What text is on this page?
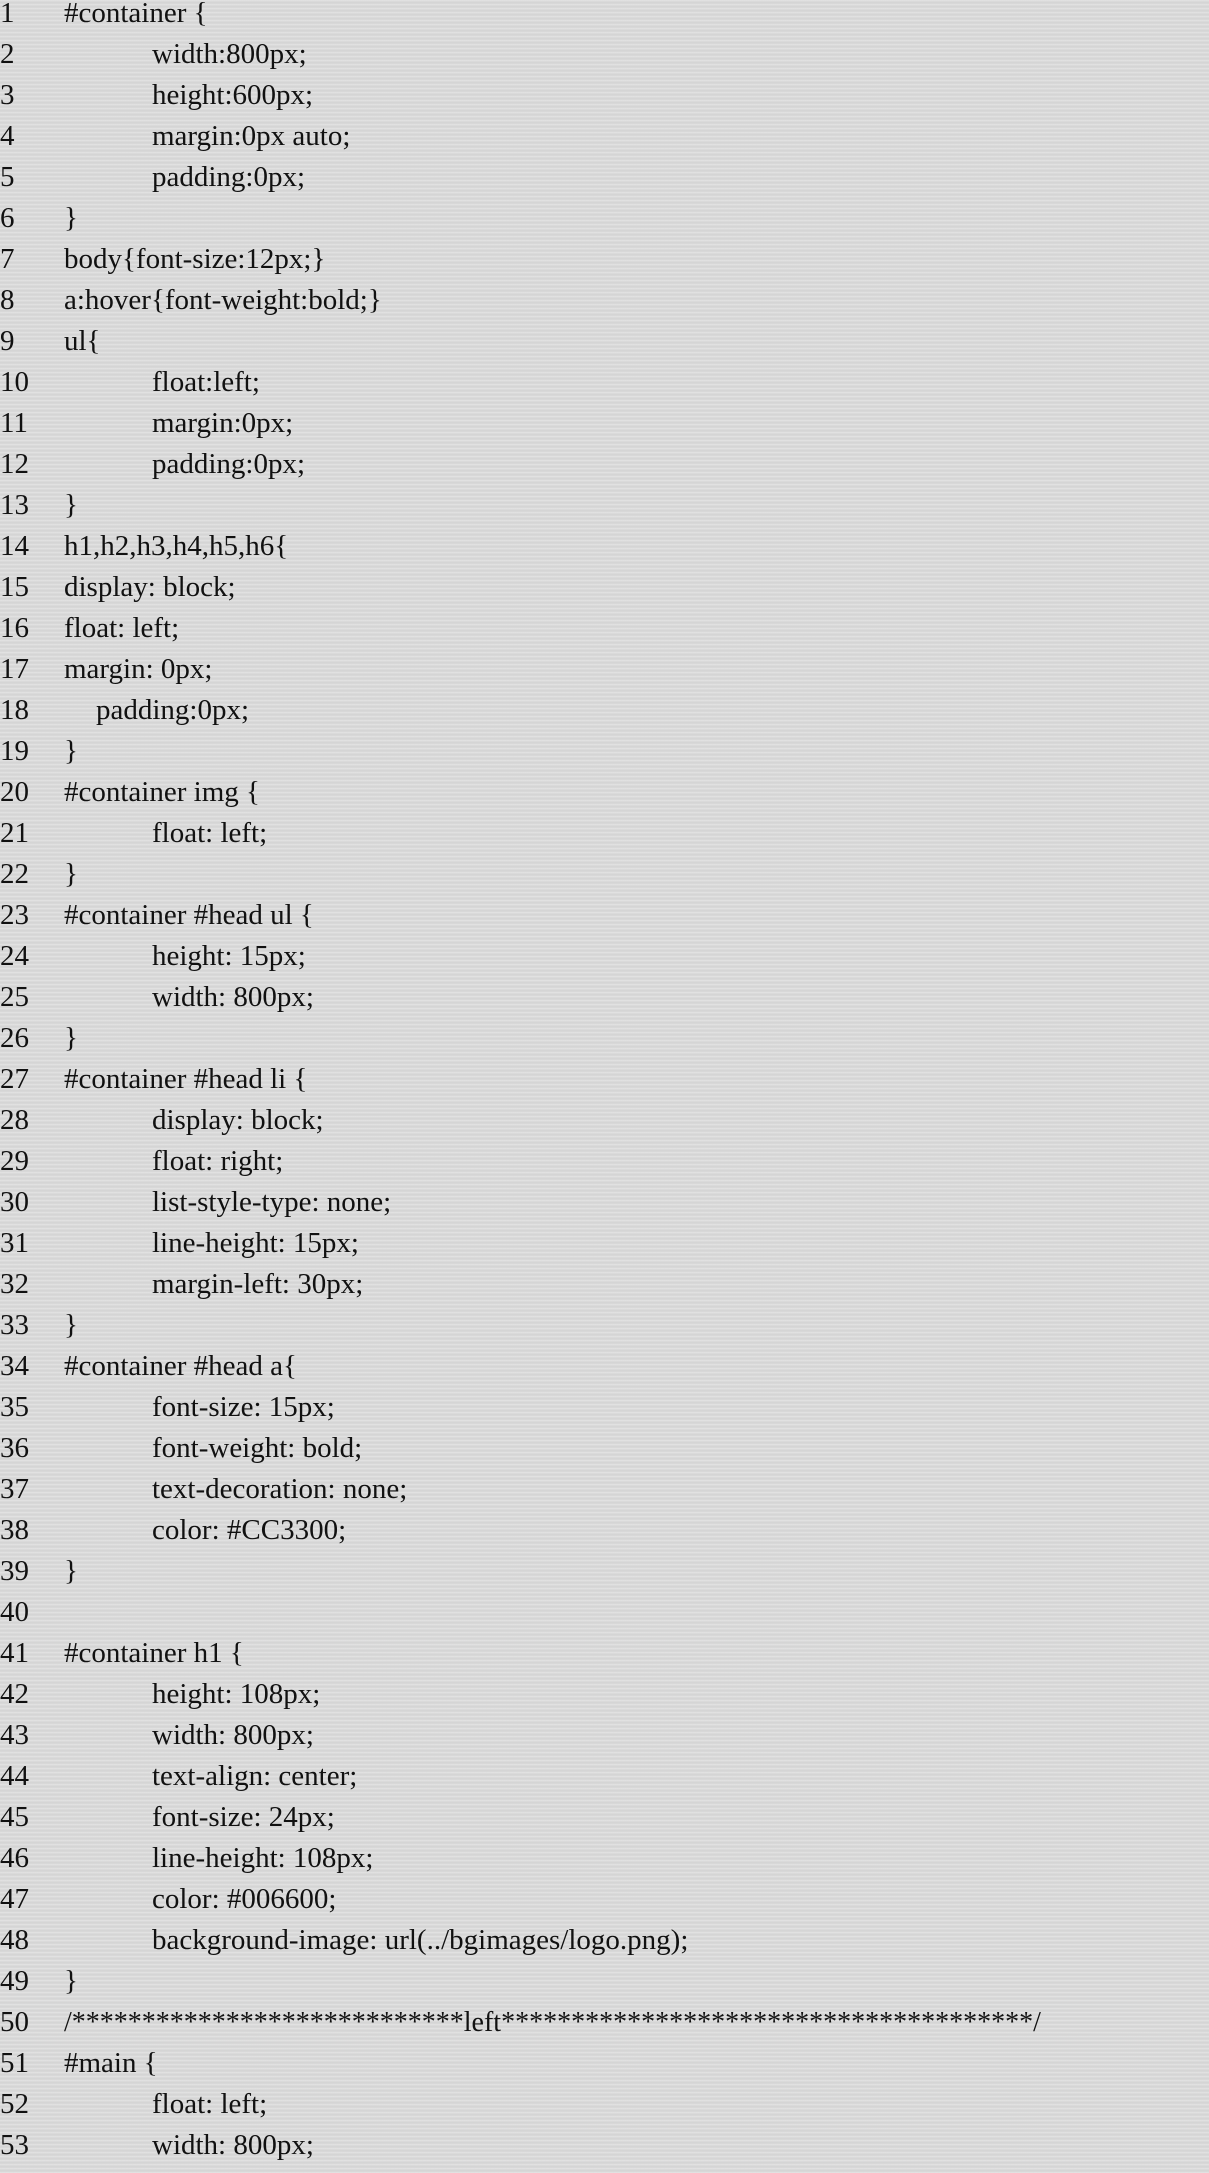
1	#container {
2	width:800px;
3	height:600px;
4	margin:0px auto;
5	padding:0px;
6	}
7	body{font-size:12px;}
8	a:hover{font-weight:bold;}
9	ul{
10	float:left;
11	margin:0px;
12	padding:0px;
13	}
14	h1,h2,h3,h4,h5,h6{
15	display: block;
16	float: left;
17	margin: 0px;
18	padding:0px;
19	}
20	#container img {
21	float: left;
22	}
23	#container #head ul {
24	height: 15px;
25	width: 800px;
26	}
27	#container #head li {
28	display: block;
29	float: right;
30	list-style-type: none;
31	line-height: 15px;
32	margin-left: 30px;
33	}
34	#container #head a{
35	font-size: 15px;
36	font-weight: bold;
37	text-decoration: none;
38	color: #CC3300;
39	}
40
41	#container h1 {
42	height: 108px;
43	width: 800px;
44	text-align: center;
45	font-size: 24px;
46	line-height: 108px;
47	color: #006600;
48	background-image: url(../bgimages/logo.png);
49	}
50	/****************************left**************************************/
51	#main {
52	float: left;
53	width: 800px;
